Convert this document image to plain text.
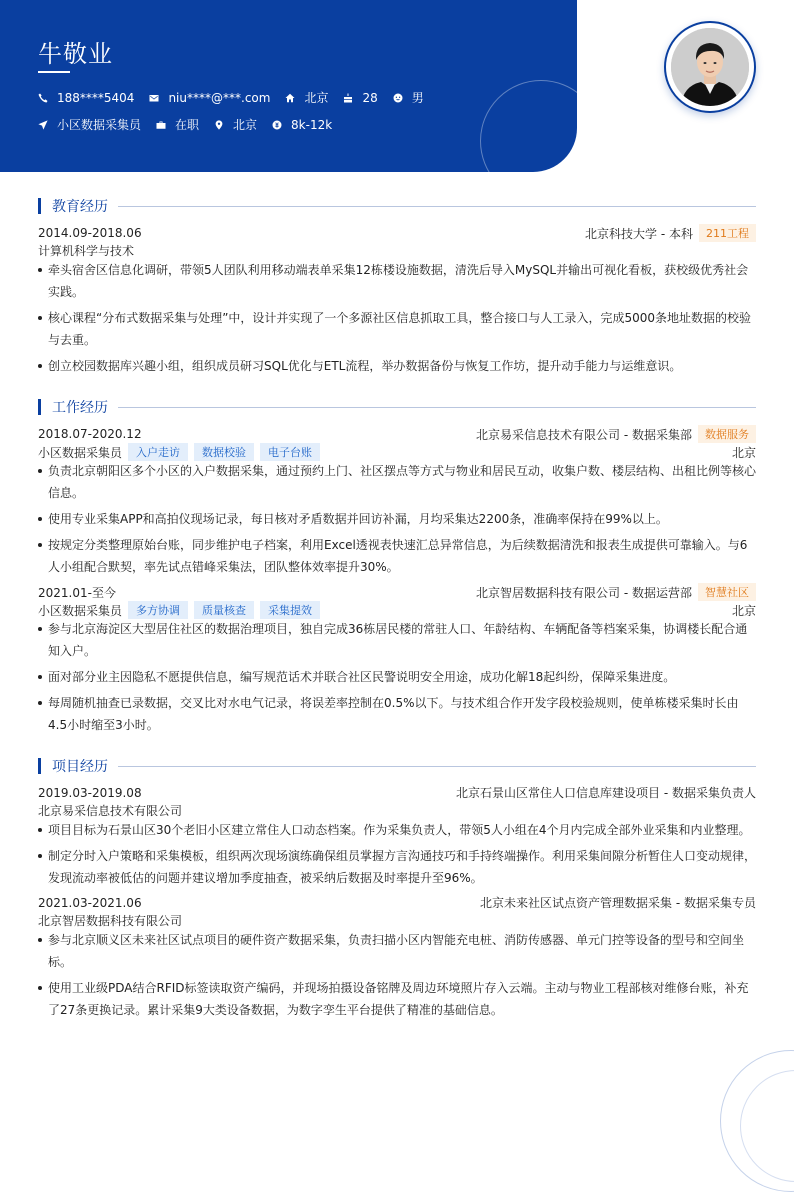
牛敬业
188****5404	niu****@***.com	北京	28	男
小区数据采集员	在职	北京	8k-12k
教育经历
2014.09-2018.06	北京科技大学 - 本科	211工程
计算机科学与技术
牵头宿舍区信息化调研，带领5人团队利用移动端表单采集12栋楼设施数据，清洗后导入MySQL并输出可视化看板，获校级优秀社会实践。
核心课程“分布式数据采集与处理”中，设计并实现了一个多源社区信息抓取工具，整合接口与人工录入，完成5000条地址数据的校验与去重。
创立校园数据库兴趣小组，组织成员研习SQL优化与ETL流程，举办数据备份与恢复工作坊，提升动手能力与运维意识。
工作经历
2018.07-2020.12	北京易采信息技术有限公司 - 数据采集部	数据服务
小区数据采集员	入户走访	数据校验	电子台账	北京
负责北京朝阳区多个小区的入户数据采集，通过预约上门、社区摆点等方式与物业和居民互动，收集户数、楼层结构、出租比例等核心信息。
使用专业采集APP和高拍仪现场记录，每日核对矛盾数据并回访补漏，月均采集达2200条，准确率保持在99%以上。
按规定分类整理原始台账，同步维护电子档案，利用Excel透视表快速汇总异常信息，为后续数据清洗和报表生成提供可靠输入。与6人小组配合默契，率先试点错峰采集法，团队整体效率提升30%。
2021.01-至今	北京智居数据科技有限公司 - 数据运营部	智慧社区
小区数据采集员	多方协调	质量核查	采集提效	北京
参与北京海淀区大型居住社区的数据治理项目，独自完成36栋居民楼的常驻人口、年龄结构、车辆配备等档案采集，协调楼长配合通知入户。
面对部分业主因隐私不愿提供信息，编写规范话术并联合社区民警说明安全用途，成功化解18起纠纷，保障采集进度。
每周随机抽查已录数据，交叉比对水电气记录，将误差率控制在0.5%以下。与技术组合作开发字段校验规则，使单栋楼采集时长由4.5小时缩至3小时。
项目经历
2019.03-2019.08	北京石景山区常住人口信息库建设项目 - 数据采集负责人
北京易采信息技术有限公司
项目目标为石景山区30个老旧小区建立常住人口动态档案。作为采集负责人，带领5人小组在4个月内完成全部外业采集和内业整理。
制定分时入户策略和采集模板，组织两次现场演练确保组员掌握方言沟通技巧和手持终端操作。利用采集间隙分析暂住人口变动规律，发现流动率被低估的问题并建议增加季度抽查，被采纳后数据及时率提升至96%。
2021.03-2021.06	北京未来社区试点资产管理数据采集 - 数据采集专员
北京智居数据科技有限公司
参与北京顺义区未来社区试点项目的硬件资产数据采集，负责扫描小区内智能充电桩、消防传感器、单元门控等设备的型号和空间坐标。
使用工业级PDA结合RFID标签读取资产编码，并现场拍摄设备铭牌及周边环境照片存入云端。主动与物业工程部核对维修台账，补充了27条更换记录。累计采集9大类设备数据，为数字孪生平台提供了精准的基础信息。
